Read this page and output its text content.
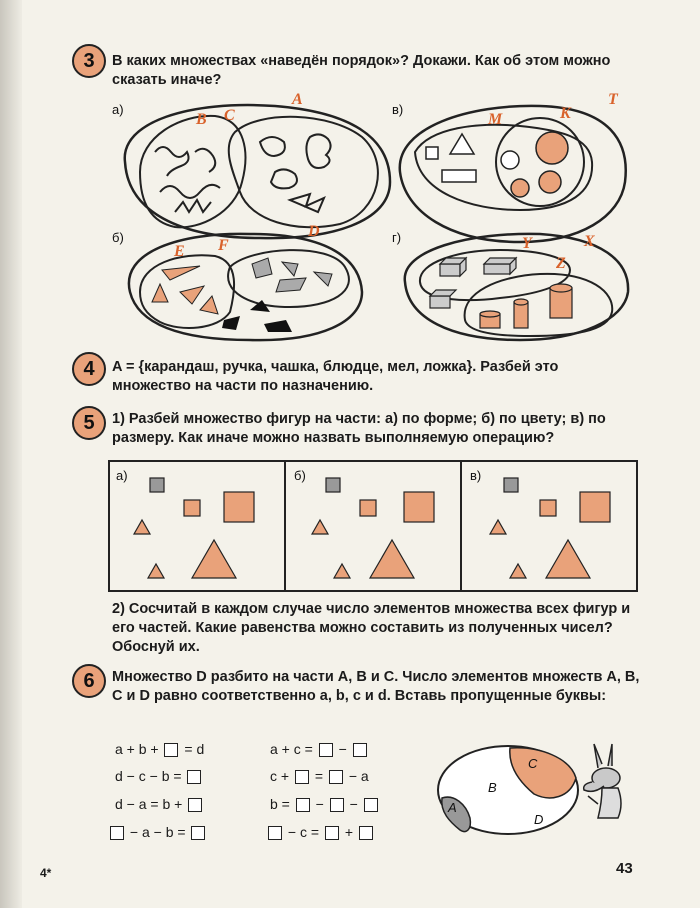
3	В каких множествах «наведён порядок»? Докажи. Как об этом можно сказать иначе?
а)
B C
A
в)
M	K
T
б)
E F
D	г)	Y
Z
X
4	A = {карандаш, ручка, чашка, блюдце, мел, ложка}. Разбей это множество на части по назначению.
5	1) Разбей множество фигур на части: а) по форме; б) по цвету; в) по размеру. Как иначе можно назвать выполняемую операцию?
а)	б)	в)
2) Сосчитай в каждом случае число элементов множества всех фигур и его частей. Какие равенства можно составить из полученных чисел? Обоснуй их.
6	Множество D разбито на части A, B и C. Число элементов множеств A, B, C и D равно соответственно a, b, c и d. Вставь пропущенные буквы:
a + b + = d
d − c − b =
d − a = b +
− a − b =
a + c = −
c + = − a
b = − −
− c = +
B
C
A
D
4*	43
